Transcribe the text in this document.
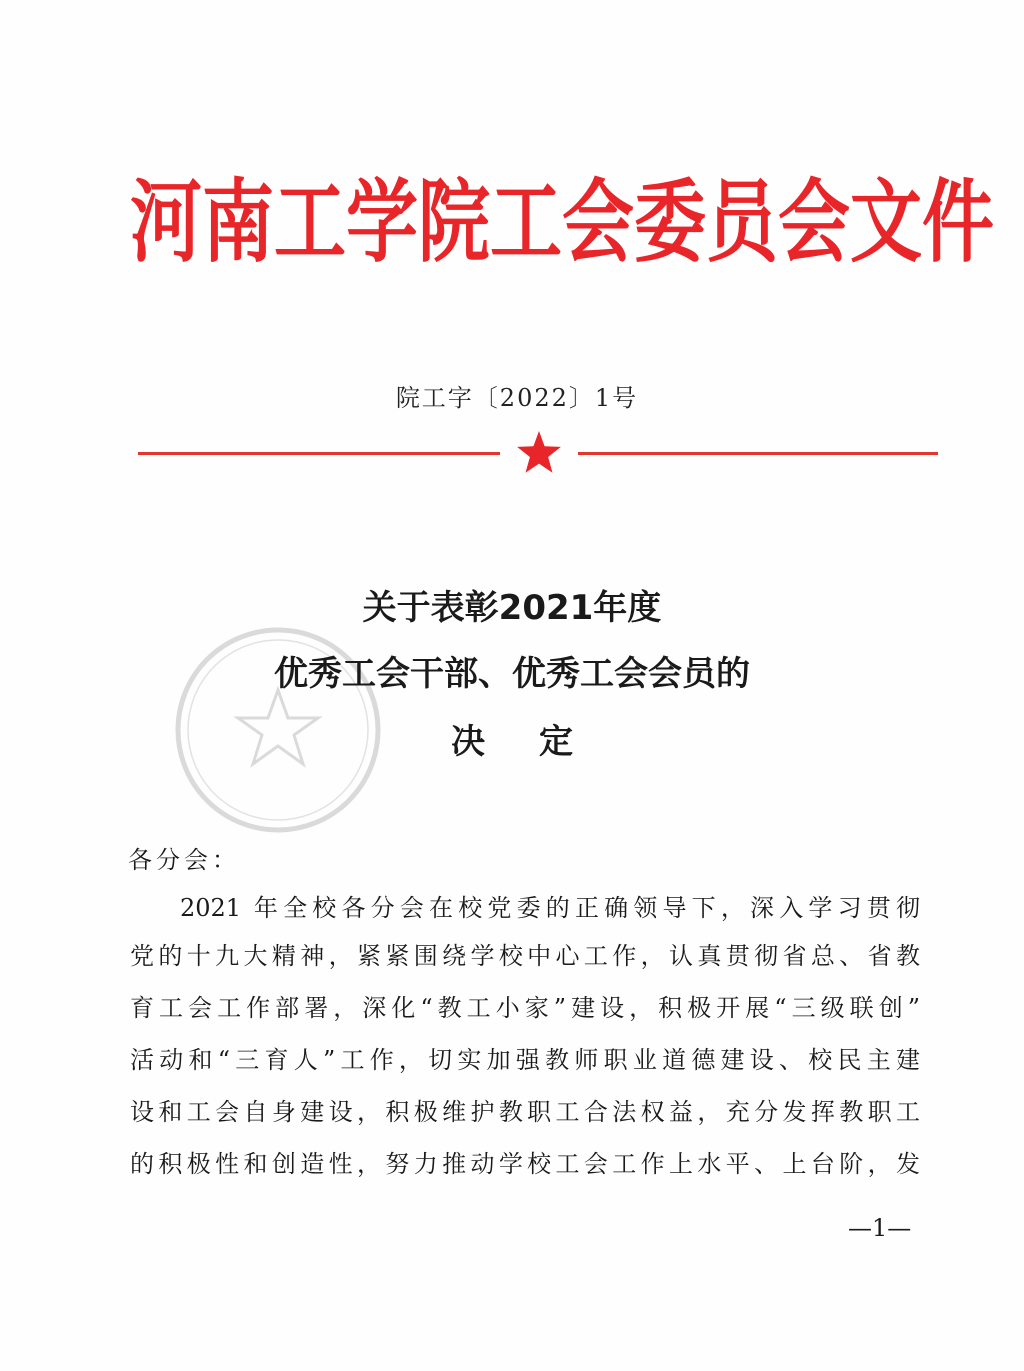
河南工学院工会委员会文件
院工字〔2022〕1号
关于表彰2021年度
优秀工会干部、优秀工会会员的
决定
各分会：
2021 年全校各分会在校党委的正确领导下，深入学习贯彻
党的十九大精神，紧紧围绕学校中心工作，认真贯彻省总、省教
育工会工作部署，深化“教工小家”建设，积极开展“三级联创”
活动和“三育人”工作，切实加强教师职业道德建设、校民主建
设和工会自身建设，积极维护教职工合法权益，充分发挥教职工
的积极性和创造性，努力推动学校工会工作上水平、上台阶，发
—1—
